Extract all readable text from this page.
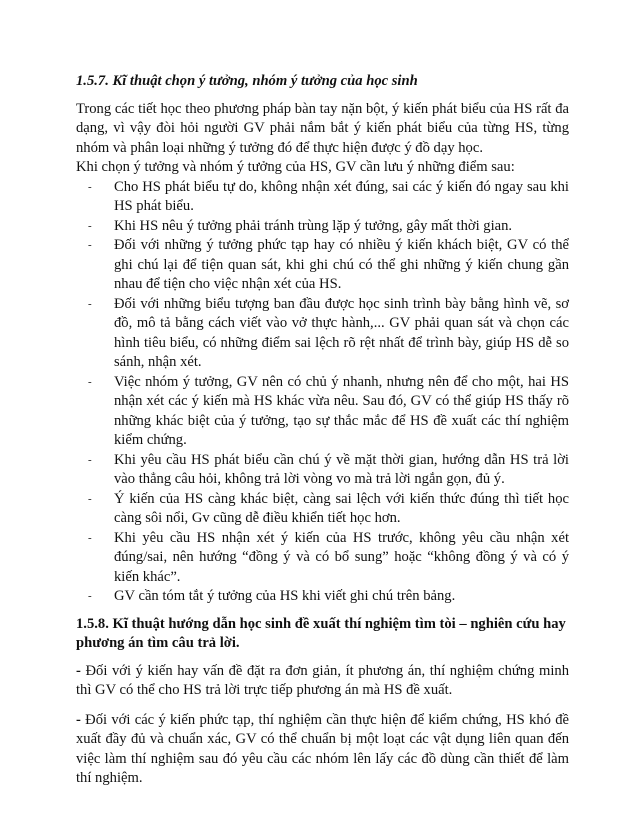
1.5.7. Kĩ thuật chọn ý tưởng, nhóm ý tưởng của học sinh

Trong các tiết học theo phương pháp bàn tay nặn bột, ý kiến phát biểu của HS rất đa dạng, vì vậy đòi hỏi người GV phải nắm bắt ý kiến phát biểu của từng HS, từng nhóm và phân loại những ý tưởng đó để thực hiện được ý đồ dạy học.

Khi chọn ý tưởng và nhóm ý tưởng của HS, GV cần lưu ý những điểm sau:

- Cho HS phát biểu tự do, không nhận xét đúng, sai các ý kiến đó ngay sau khi HS phát biểu.
- Khi HS nêu ý tưởng phải tránh trùng lặp ý tưởng, gây mất thời gian.
- Đối với những ý tưởng phức tạp hay có nhiều ý kiến khách biệt, GV có thể ghi chú lại để tiện quan sát, khi ghi chú có thể ghi những ý kiến chung gần nhau để tiện cho việc nhận xét của HS.
- Đối với những biểu tượng ban đầu được học sinh trình bày bằng hình vẽ, sơ đồ, mô tả bằng cách viết vào vở thực hành,... GV phải quan sát và chọn các hình tiêu biểu, có những điểm sai lệch rõ rệt nhất để trình bày, giúp HS dễ so sánh, nhận xét.
- Việc nhóm ý tưởng, GV nên có chủ ý nhanh, nhưng nên để cho một, hai HS nhận xét các ý kiến mà HS khác vừa nêu. Sau đó, GV có thể giúp HS thấy rõ những khác biệt của ý tưởng, tạo sự thắc mắc để HS đề xuất các thí nghiệm kiểm chứng.
- Khi yêu cầu HS phát biểu cần chú ý về mặt thời gian, hướng dẫn HS trả lời vào thẳng câu hỏi, không trả lời vòng vo mà trả lời ngắn gọn, đủ ý.
- Ý kiến của HS càng khác biệt, càng sai lệch với kiến thức đúng thì tiết học càng sôi nổi, Gv cũng dễ điều khiển tiết học hơn.
- Khi yêu cầu HS nhận xét ý kiến của HS trước, không yêu cầu nhận xét đúng/sai, nên hướng “đồng ý và có bổ sung” hoặc “không đồng ý và có ý kiến khác”.
- GV cần tóm tắt ý tưởng của HS khi viết ghi chú trên bảng.
1.5.8. Kĩ thuật hướng dẫn học sinh đề xuất thí nghiệm tìm tòi – nghiên cứu hay phương án tìm câu trả lời.

- Đối với ý kiến hay vấn đề đặt ra đơn giản, ít phương án, thí nghiệm chứng minh thì GV có thể cho HS trả lời trực tiếp phương án mà HS đề xuất.

- Đối với các ý kiến phức tạp, thí nghiệm cần thực hiện để kiểm chứng, HS khó đề xuất đầy đủ và chuẩn xác, GV có thể chuẩn bị một loạt các vật dụng liên quan đến việc làm thí nghiệm sau đó yêu cầu các nhóm lên lấy các đồ dùng cần thiết để làm thí nghiệm.
